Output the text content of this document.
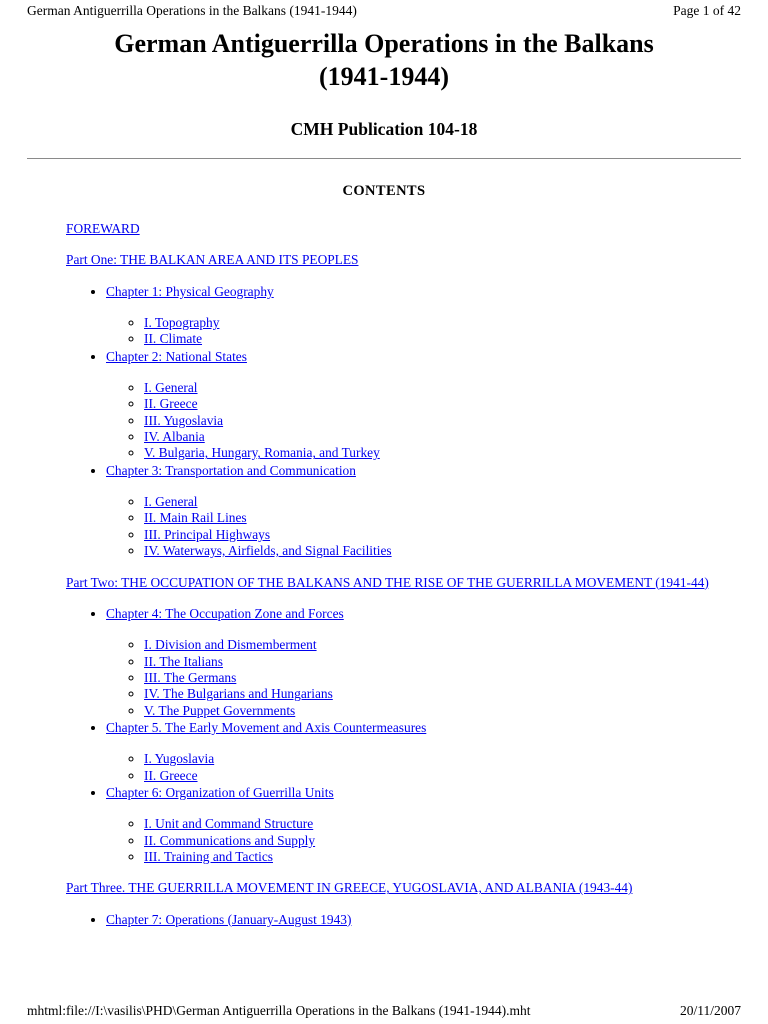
German Antiguerrilla Operations in the Balkans (1941-1944)	Page 1 of 42
German Antiguerrilla Operations in the Balkans
(1941-1944)
CMH Publication 104-18
CONTENTS

FOREWARD

Part One: THE BALKAN AREA AND ITS PEOPLES

• Chapter 1: Physical Geography
◦ I. Topography
◦ II. Climate
• Chapter 2: National States
◦ I. General
◦ II. Greece
◦ III. Yugoslavia
◦ IV. Albania
◦ V. Bulgaria, Hungary, Romania, and Turkey
• Chapter 3: Transportation and Communication
◦ I. General
◦ II. Main Rail Lines
◦ III. Principal Highways
◦ IV. Waterways, Airfields, and Signal Facilities

Part Two: THE OCCUPATION OF THE BALKANS AND THE RISE OF THE GUERRILLA MOVEMENT (1941-44)

• Chapter 4: The Occupation Zone and Forces
◦ I. Division and Dismemberment
◦ II. The Italians
◦ III. The Germans
◦ IV. The Bulgarians and Hungarians
◦ V. The Puppet Governments
• Chapter 5. The Early Movement and Axis Countermeasures
◦ I. Yugoslavia
◦ II. Greece
• Chapter 6: Organization of Guerrilla Units
◦ I. Unit and Command Structure
◦ II. Communications and Supply
◦ III. Training and Tactics

Part Three. THE GUERRILLA MOVEMENT IN GREECE, YUGOSLAVIA, AND ALBANIA (1943-44)

• Chapter 7: Operations (January-August 1943)
mhtml:file://I:\vasilis\PHD\German Antiguerrilla Operations in the Balkans (1941-1944).mht	20/11/2007
